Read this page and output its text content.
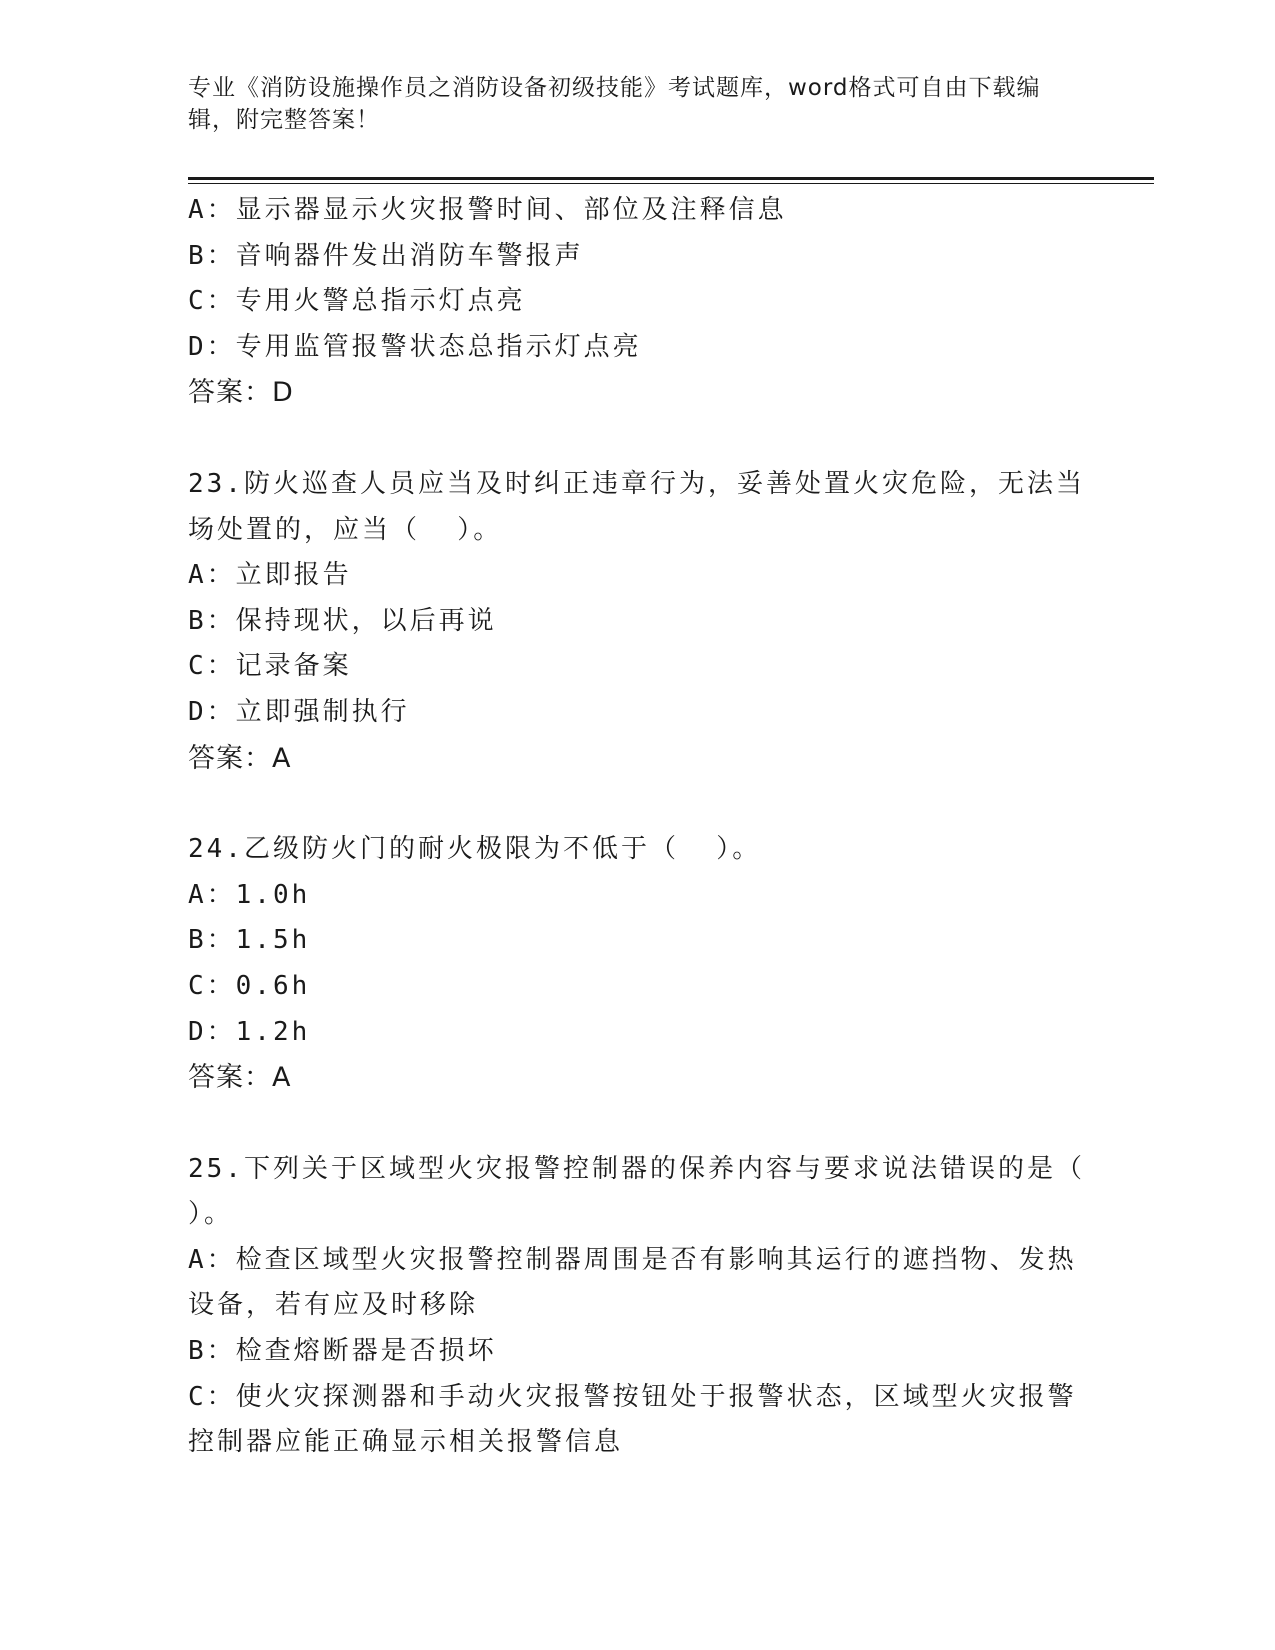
专业《消防设施操作员之消防设备初级技能》考试题库，word格式可自由下载编辑，附完整答案！
A：显示器显示火灾报警时间、部位及注释信息
B：音响器件发出消防车警报声
C：专用火警总指示灯点亮
D：专用监管报警状态总指示灯点亮
答案：D
23.防火巡查人员应当及时纠正违章行为，妥善处置火灾危险，无法当
场处置的，应当（  ）。
A：立即报告
B：保持现状，以后再说
C：记录备案
D：立即强制执行
答案：A
24.乙级防火门的耐火极限为不低于（  ）。
A：1.0h
B：1.5h
C：0.6h
D：1.2h
答案：A
25.下列关于区域型火灾报警控制器的保养内容与要求说法错误的是（
）。
A：检查区域型火灾报警控制器周围是否有影响其运行的遮挡物、发热
设备，若有应及时移除
B：检查熔断器是否损坏
C：使火灾探测器和手动火灾报警按钮处于报警状态，区域型火灾报警
控制器应能正确显示相关报警信息
